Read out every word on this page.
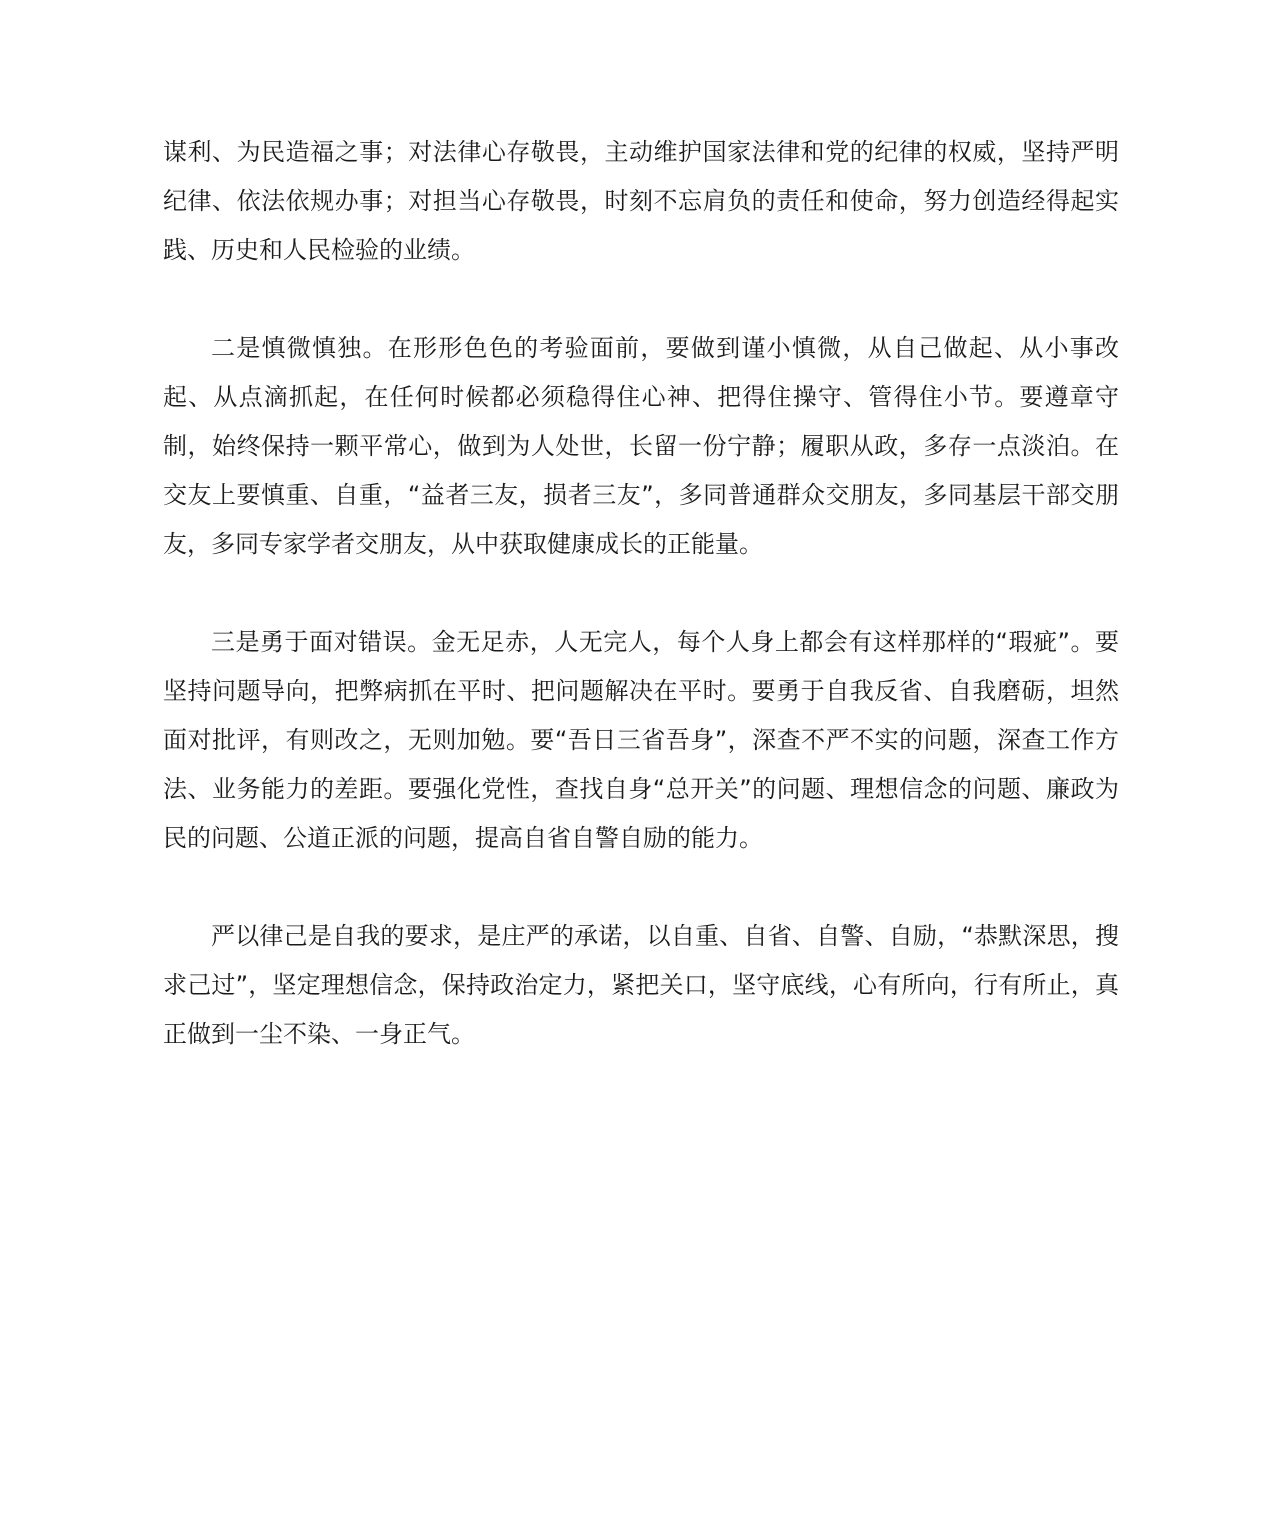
谋利、为民造福之事；对法律心存敬畏，主动维护国家法律和党的纪律的权威，坚持严明纪律、依法依规办事；对担当心存敬畏，时刻不忘肩负的责任和使命，努力创造经得起实践、历史和人民检验的业绩。

二是慎微慎独。在形形色色的考验面前，要做到谨小慎微，从自己做起、从小事改起、从点滴抓起，在任何时候都必须稳得住心神、把得住操守、管得住小节。要遵章守制，始终保持一颗平常心，做到为人处世，长留一份宁静；履职从政，多存一点淡泊。在交友上要慎重、自重，“益者三友，损者三友”，多同普通群众交朋友，多同基层干部交朋友，多同专家学者交朋友，从中获取健康成长的正能量。

三是勇于面对错误。金无足赤，人无完人，每个人身上都会有这样那样的“瑕疵”。要坚持问题导向，把弊病抓在平时、把问题解决在平时。要勇于自我反省、自我磨砺，坦然面对批评，有则改之，无则加勉。要“吾日三省吾身”，深查不严不实的问题，深查工作方法、业务能力的差距。要强化党性，查找自身“总开关”的问题、理想信念的问题、廉政为民的问题、公道正派的问题，提高自省自警自励的能力。

严以律己是自我的要求，是庄严的承诺，以自重、自省、自警、自励，“恭默深思，搜求己过”，坚定理想信念，保持政治定力，紧把关口，坚守底线，心有所向，行有所止，真正做到一尘不染、一身正气。
